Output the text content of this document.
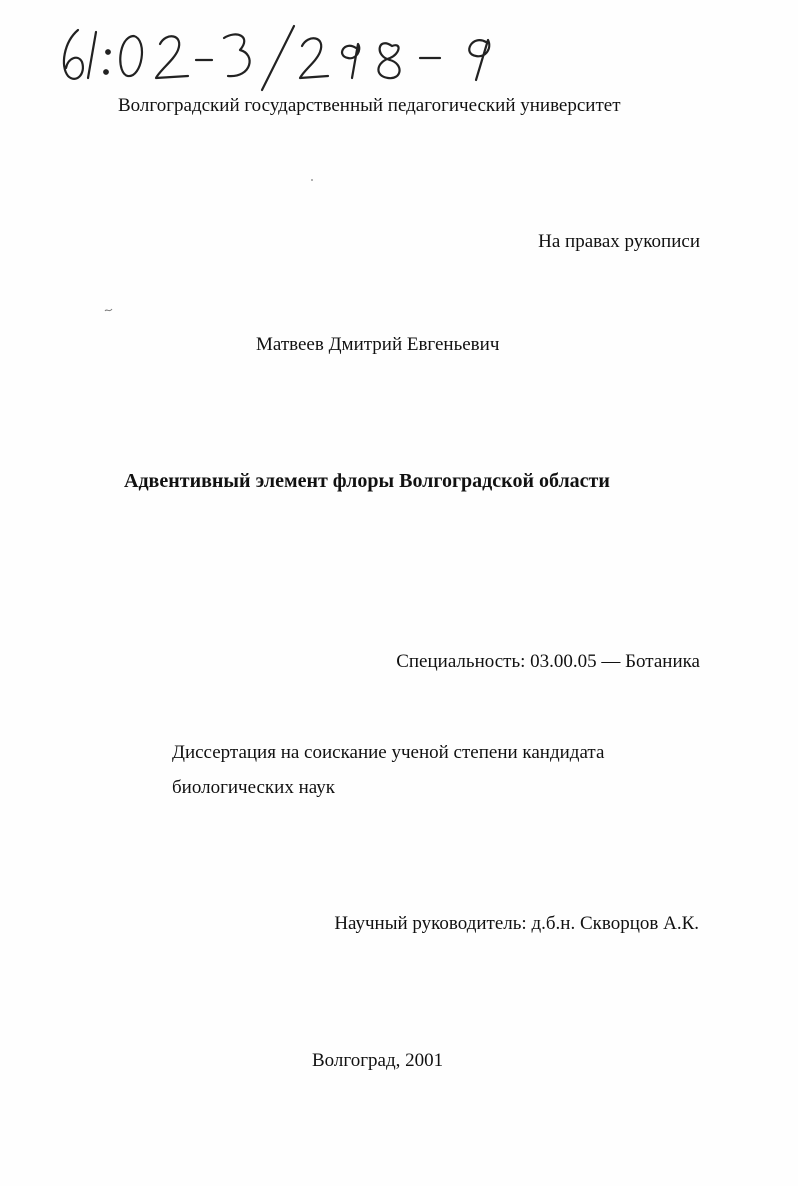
Волгоградский государственный педагогический университет
На правах рукописи
Матвеев Дмитрий Евгеньевич
Адвентивный элемент флоры Волгоградской области
Специальность: 03.00.05 — Ботаника
Диссертация на соискание ученой степени кандидата
биологических наук
Научный руководитель: д.б.н. Скворцов А.К.
Волгоград, 2001
